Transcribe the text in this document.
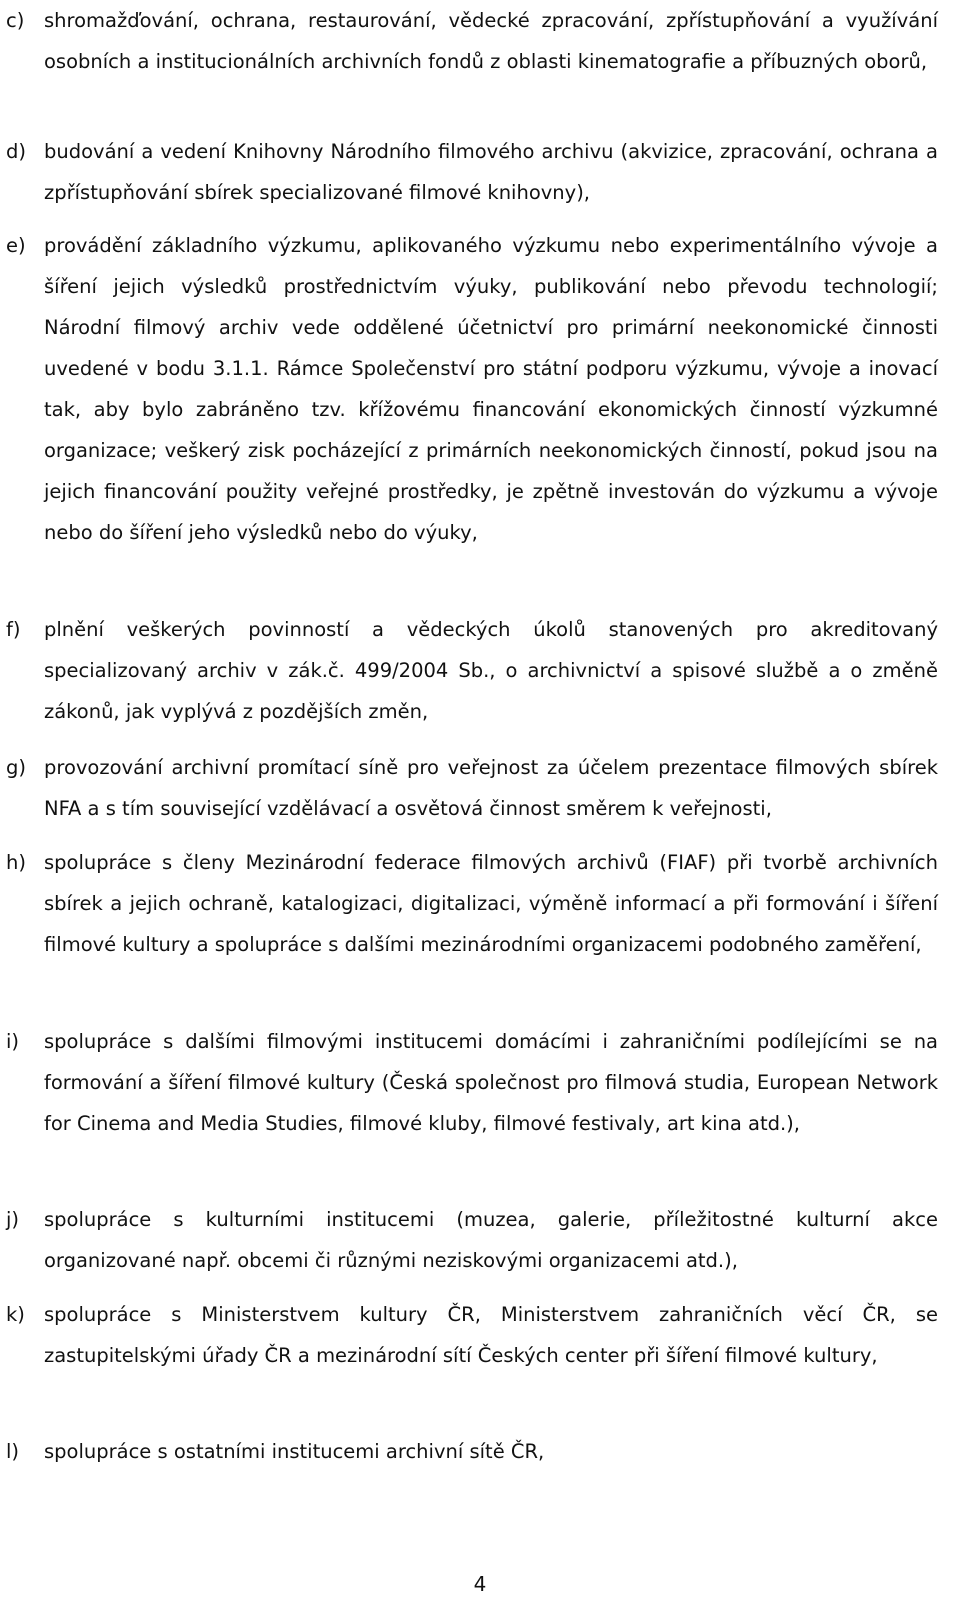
c)	shromažďování, ochrana, restaurování, vědecké zpracování, zpřístupňování a využívání osobních a institucionálních archivních fondů z oblasti kinematografie a příbuzných oborů,
d) budování a vedení Knihovny Národního filmového archivu (akvizice, zpracování, ochrana a zpřístupňování sbírek specializované filmové knihovny),
e) provádění základního výzkumu, aplikovaného výzkumu nebo experimentálního vývoje a šíření jejich výsledků prostřednictvím výuky, publikování nebo převodu technologií; Národní filmový archiv vede oddělené účetnictví pro primární neekonomické činnosti uvedené v bodu 3.1.1. Rámce Společenství pro státní podporu výzkumu, vývoje a inovací tak, aby bylo zabráněno tzv. křížovému financování ekonomických činností výzkumné organizace; veškerý zisk pocházející z primárních neekonomických činností, pokud jsou na jejich financování použity veřejné prostředky, je zpětně investován do výzkumu a vývoje nebo do šíření jeho výsledků nebo do výuky,
f)	plnění veškerých povinností a vědeckých úkolů stanovených pro akreditovaný specializovaný archiv v zák.č. 499/2004 Sb., o archivnictví a spisové službě a o změně zákonů, jak vyplývá z pozdějších změn,
g) provozování archivní promítací síně pro veřejnost za účelem prezentace filmových sbírek NFA a s tím související vzdělávací a osvětová činnost směrem k veřejnosti,
h) spolupráce s členy Mezinárodní federace filmových archivů (FIAF) při tvorbě archivních sbírek a jejich ochraně, katalogizaci, digitalizaci, výměně informací a při formování i šíření filmové kultury a spolupráce s dalšími mezinárodními organizacemi podobného zaměření,
i)	spolupráce s dalšími filmovými institucemi domácími i zahraničními podílejícími se na formování a šíření filmové kultury (Česká společnost pro filmová studia, European Network for Cinema and Media Studies, filmové kluby, filmové festivaly, art kina atd.),
j)	spolupráce s kulturními institucemi (muzea, galerie, příležitostné kulturní akce organizované např. obcemi či různými neziskovými organizacemi atd.),
k) spolupráce s Ministerstvem kultury ČR, Ministerstvem zahraničních věcí ČR, se zastupitelskými úřady ČR a mezinárodní sítí Českých center při šíření filmové kultury,
l)	spolupráce s ostatními institucemi archivní sítě ČR,
4
